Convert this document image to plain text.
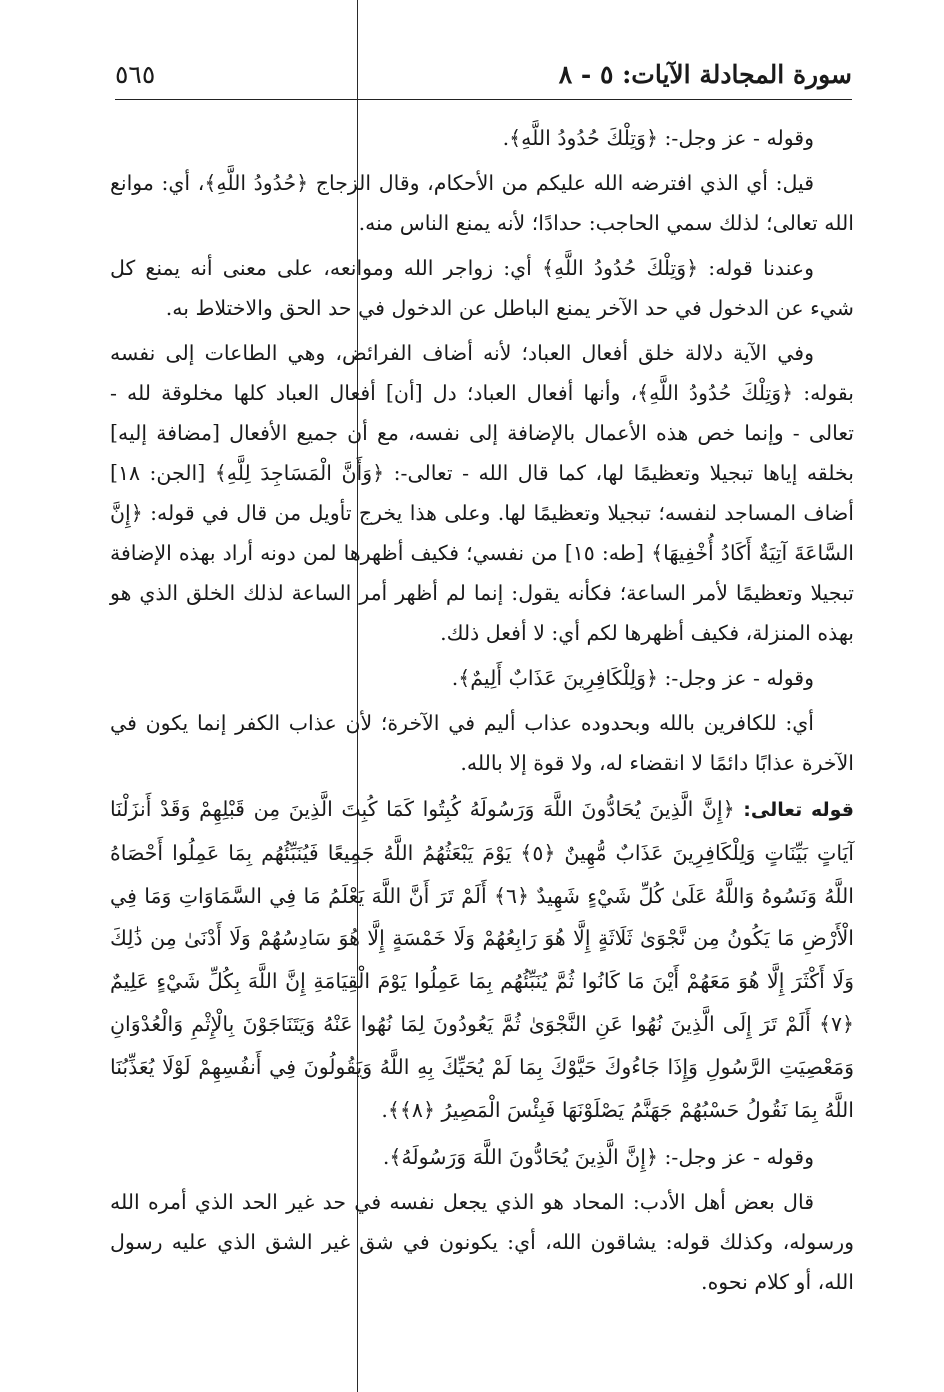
سورة المجادلة الآيات: ٥ - ٨
٥٦٥

وقوله - عز وجل-: ﴿وَتِلْكَ حُدُودُ اللَّهِ﴾.

قيل: أي الذي افترضه الله عليكم من الأحكام، وقال الزجاج ﴿حُدُودُ اللَّهِ﴾، أي: موانع الله تعالى؛ لذلك سمي الحاجب: حدادًا؛ لأنه يمنع الناس منه.

وعندنا قوله: ﴿وَتِلْكَ حُدُودُ اللَّهِ﴾ أي: زواجر الله وموانعه، على معنى أنه يمنع كل شيء عن الدخول في حد الآخر يمنع الباطل عن الدخول في حد الحق والاختلاط به.

وفي الآية دلالة خلق أفعال العباد؛ لأنه أضاف الفرائض، وهي الطاعات إلى نفسه بقوله: ﴿وَتِلْكَ حُدُودُ اللَّهِ﴾، وأنها أفعال العباد؛ دل [أن] أفعال العباد كلها مخلوقة لله - تعالى - وإنما خص هذه الأعمال بالإضافة إلى نفسه، مع أن جميع الأفعال [مضافة إليه] بخلقه إياها تبجيلا وتعظيمًا لها، كما قال الله - تعالى-: ﴿وَأَنَّ الْمَسَاجِدَ لِلَّهِ﴾ [الجن: ١٨] أضاف المساجد لنفسه؛ تبجيلا وتعظيمًا لها. وعلى هذا يخرج تأويل من قال في قوله: ﴿إِنَّ السَّاعَةَ آتِيَةٌ أَكَادُ أُخْفِيهَا﴾ [طه: ١٥] من نفسي؛ فكيف أظهرها لمن دونه أراد بهذه الإضافة تبجيلا وتعظيمًا لأمر الساعة؛ فكأنه يقول: إنما لم أظهر أمر الساعة لذلك الخلق الذي هو بهذه المنزلة، فكيف أظهرها لكم أي: لا أفعل ذلك.

وقوله - عز وجل-: ﴿وَلِلْكَافِرِينَ عَذَابٌ أَلِيمٌ﴾.

أي: للكافرين بالله وبحدوده عذاب أليم في الآخرة؛ لأن عذاب الكفر إنما يكون في الآخرة عذابًا دائمًا لا انقضاء له، ولا قوة إلا بالله.

قوله تعالى: ﴿إِنَّ الَّذِينَ يُحَادُّونَ اللَّهَ وَرَسُولَهُ كُبِتُوا كَمَا كُبِتَ الَّذِينَ مِن قَبْلِهِمْ وَقَدْ أَنزَلْنَا آيَاتٍ بَيِّنَاتٍ وَلِلْكَافِرِينَ عَذَابٌ مُّهِينٌ ﴿٥﴾ يَوْمَ يَبْعَثُهُمُ اللَّهُ جَمِيعًا فَيُنَبِّئُهُم بِمَا عَمِلُوا أَحْصَاهُ اللَّهُ وَنَسُوهُ وَاللَّهُ عَلَىٰ كُلِّ شَيْءٍ شَهِيدٌ ﴿٦﴾ أَلَمْ تَرَ أَنَّ اللَّهَ يَعْلَمُ مَا فِي السَّمَاوَاتِ وَمَا فِي الْأَرْضِ مَا يَكُونُ مِن نَّجْوَىٰ ثَلَاثَةٍ إِلَّا هُوَ رَابِعُهُمْ وَلَا خَمْسَةٍ إِلَّا هُوَ سَادِسُهُمْ وَلَا أَدْنَىٰ مِن ذَٰلِكَ وَلَا أَكْثَرَ إِلَّا هُوَ مَعَهُمْ أَيْنَ مَا كَانُوا ثُمَّ يُنَبِّئُهُم بِمَا عَمِلُوا يَوْمَ الْقِيَامَةِ إِنَّ اللَّهَ بِكُلِّ شَيْءٍ عَلِيمٌ ﴿٧﴾ أَلَمْ تَرَ إِلَى الَّذِينَ نُهُوا عَنِ النَّجْوَىٰ ثُمَّ يَعُودُونَ لِمَا نُهُوا عَنْهُ وَيَتَنَاجَوْنَ بِالْإِثْمِ وَالْعُدْوَانِ وَمَعْصِيَتِ الرَّسُولِ وَإِذَا جَاءُوكَ حَيَّوْكَ بِمَا لَمْ يُحَيِّكَ بِهِ اللَّهُ وَيَقُولُونَ فِي أَنفُسِهِمْ لَوْلَا يُعَذِّبُنَا اللَّهُ بِمَا نَقُولُ حَسْبُهُمْ جَهَنَّمُ يَصْلَوْنَهَا فَبِئْسَ الْمَصِيرُ ﴿٨﴾﴾.

وقوله - عز وجل-: ﴿إِنَّ الَّذِينَ يُحَادُّونَ اللَّهَ وَرَسُولَهُ﴾.

قال بعض أهل الأدب: المحاد هو الذي يجعل نفسه في حد غير الحد الذي أمره الله ورسوله، وكذلك قوله: يشاقون الله، أي: يكونون في شق غير الشق الذي عليه رسول الله، أو كلام نحوه.
